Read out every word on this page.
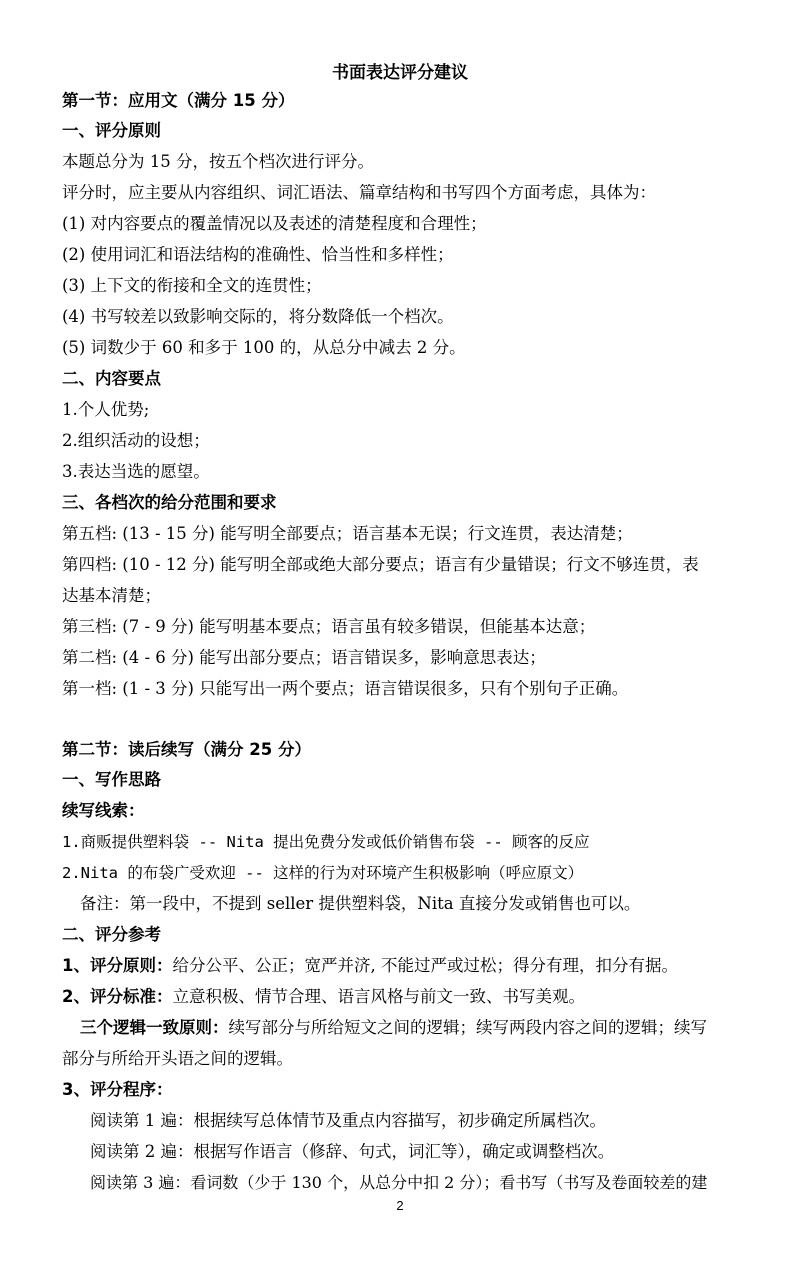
书面表达评分建议
第一节：应用文（满分 15 分）
一、评分原则
本题总分为 15 分，按五个档次进行评分。
评分时，应主要从内容组织、词汇语法、篇章结构和书写四个方面考虑，具体为：
(1) 对内容要点的覆盖情况以及表述的清楚程度和合理性；
(2) 使用词汇和语法结构的准确性、恰当性和多样性；
(3) 上下文的衔接和全文的连贯性；
(4) 书写较差以致影响交际的，将分数降低一个档次。
(5) 词数少于 60 和多于 100 的，从总分中减去 2 分。
二、内容要点
1.个人优势;
2.组织活动的设想；
3.表达当选的愿望。
三、各档次的给分范围和要求
第五档: (13 - 15 分) 能写明全部要点；语言基本无误；行文连贯，表达清楚；
第四档: (10 - 12 分) 能写明全部或绝大部分要点；语言有少量错误；行文不够连贯，表
达基本清楚；
第三档: (7 - 9 分) 能写明基本要点；语言虽有较多错误，但能基本达意；
第二档: (4 - 6 分) 能写出部分要点；语言错误多，影响意思表达；
第一档: (1 - 3 分) 只能写出一两个要点；语言错误很多，只有个别句子正确。
第二节：读后续写（满分 25 分）
一、写作思路
续写线索：
1.商贩提供塑料袋 -- Nita 提出免费分发或低价销售布袋 -- 顾客的反应
2.Nita 的布袋广受欢迎 -- 这样的行为对环境产生积极影响（呼应原文）
备注：第一段中，不提到 seller 提供塑料袋，Nita 直接分发或销售也可以。
二、评分参考
1、评分原则：给分公平、公正；宽严并济, 不能过严或过松；得分有理，扣分有据。
2、评分标准：立意积极、情节合理、语言风格与前文一致、书写美观。
三个逻辑一致原则：续写部分与所给短文之间的逻辑；续写两段内容之间的逻辑；续写
部分与所给开头语之间的逻辑。
3、评分程序：
阅读第 1 遍：根据续写总体情节及重点内容描写，初步确定所属档次。
阅读第 2 遍：根据写作语言（修辞、句式，词汇等），确定或调整档次。
阅读第 3 遍：看词数（少于 130 个，从总分中扣 2 分）；看书写（书写及卷面较差的建
2
